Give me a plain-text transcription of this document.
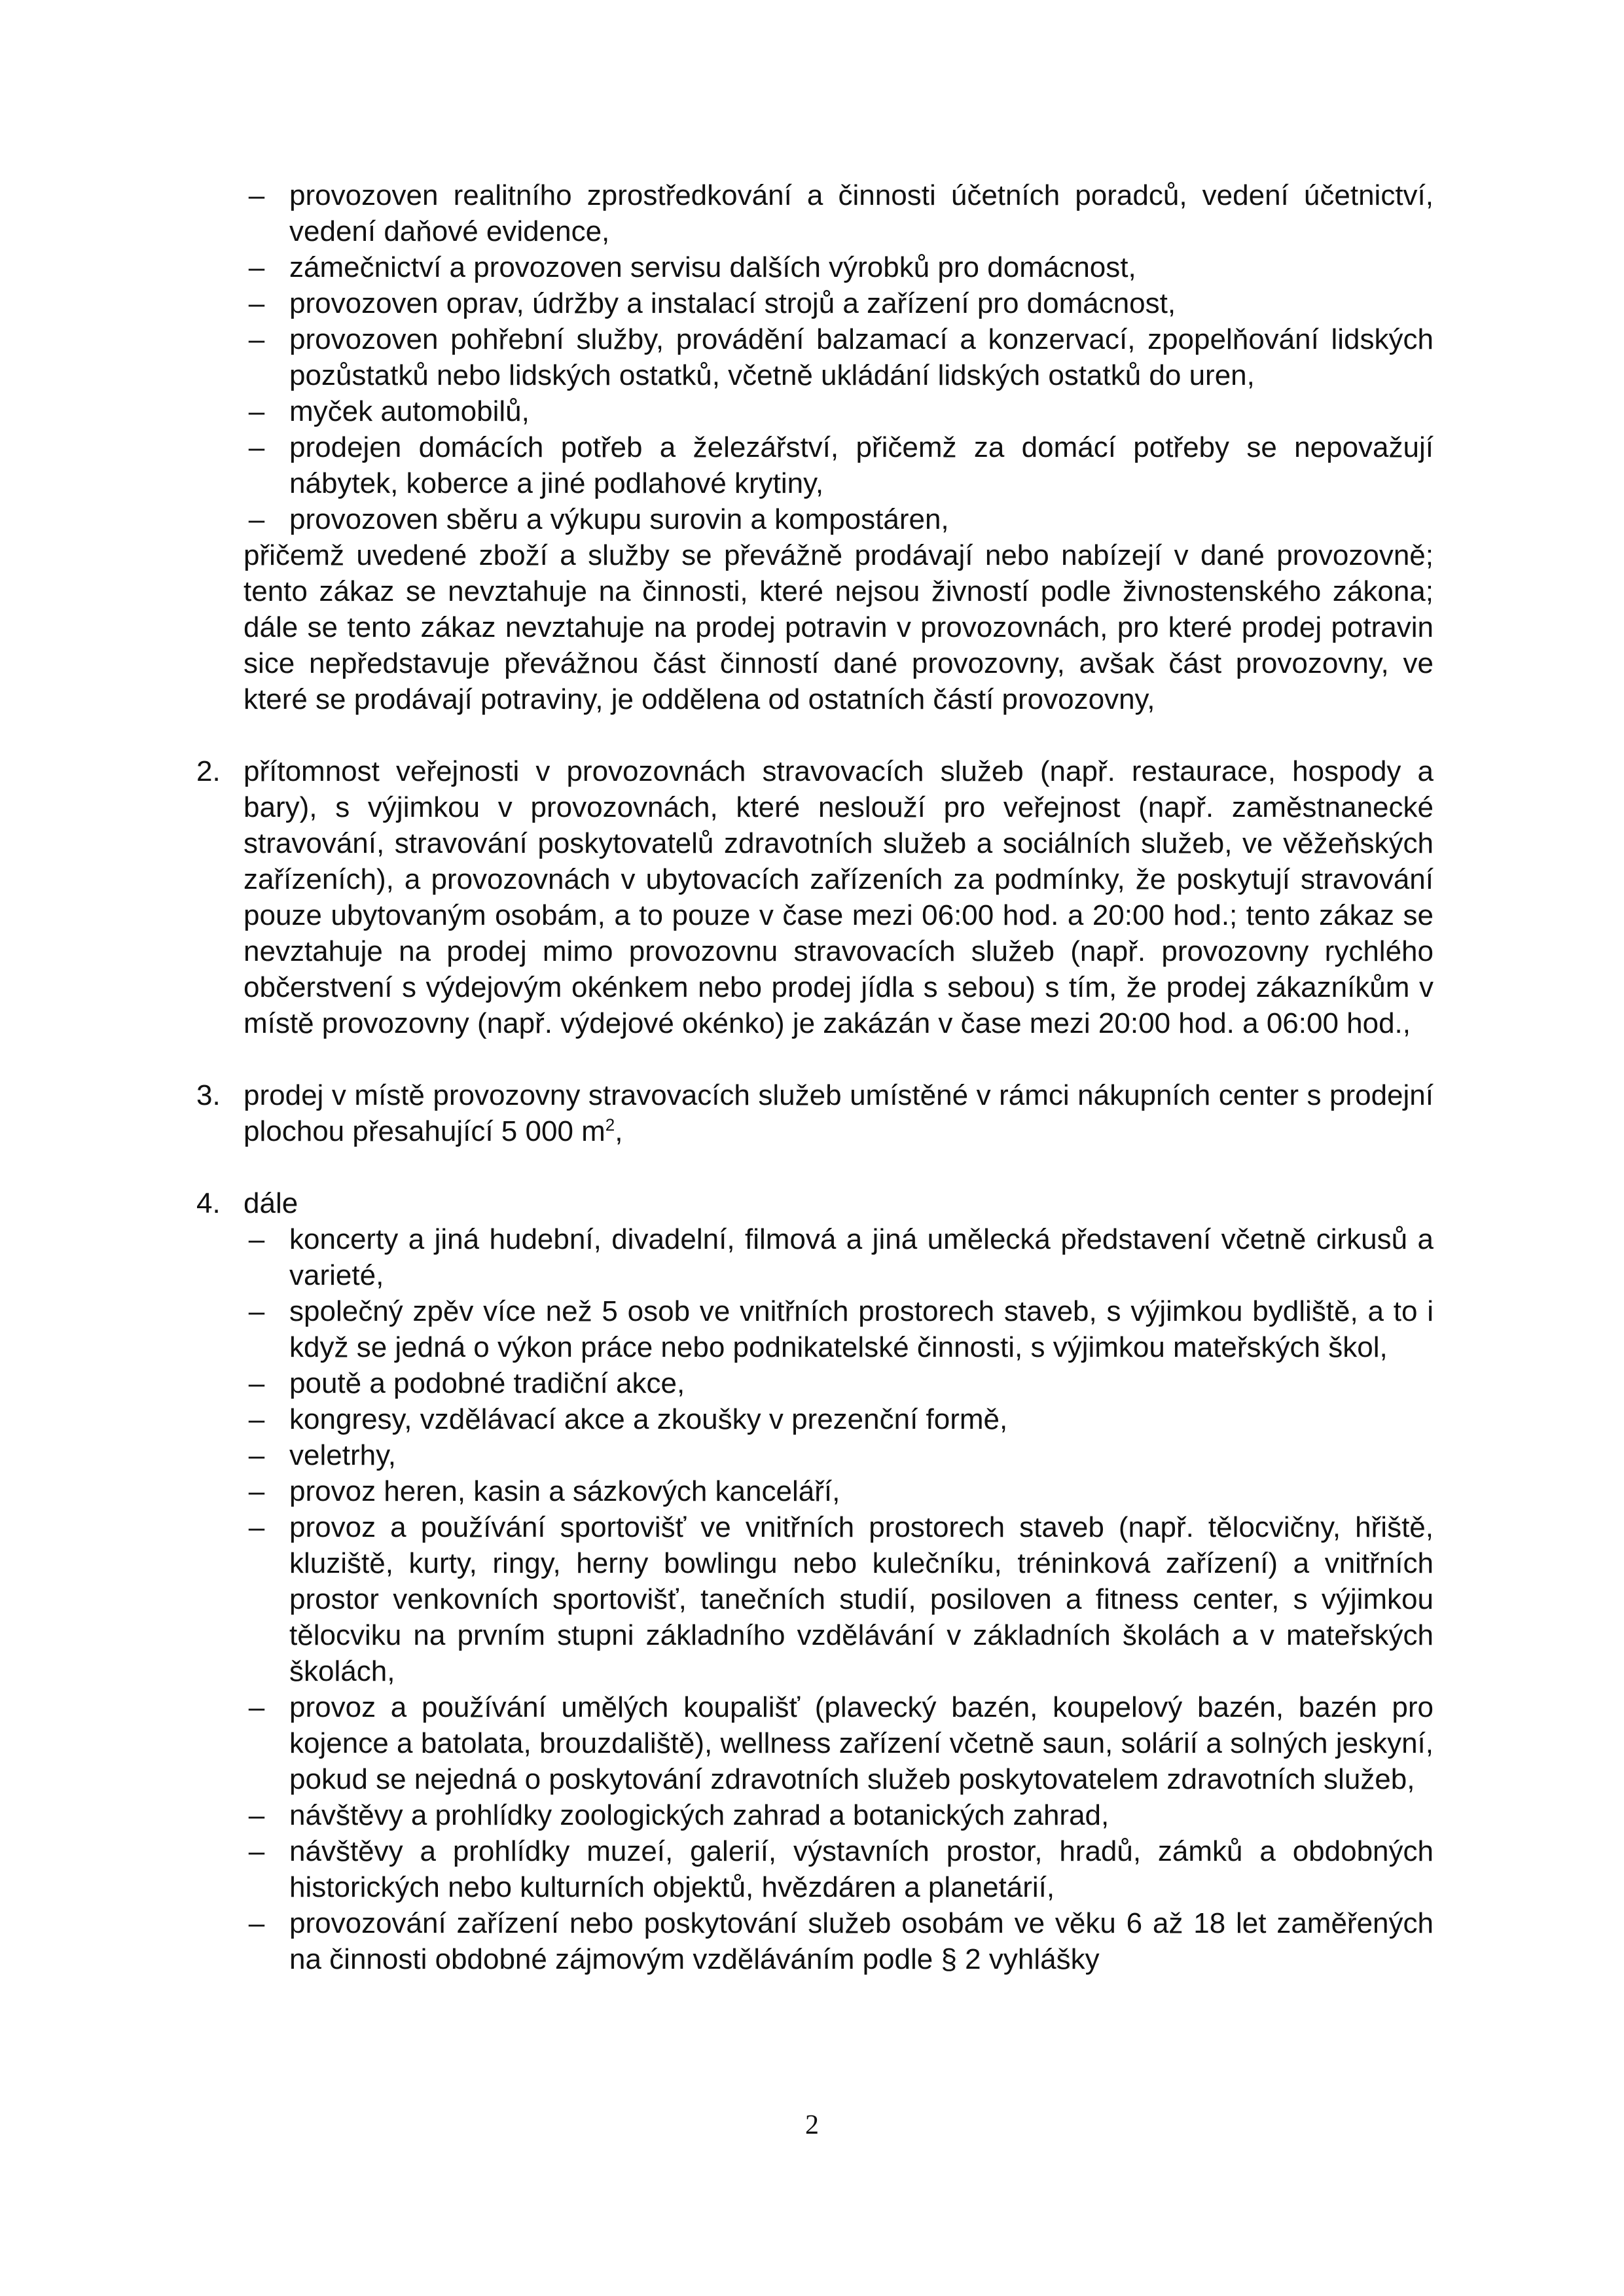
– provozoven realitního zprostředkování a činnosti účetních poradců, vedení účetnictví, vedení daňové evidence,
– zámečnictví a provozoven servisu dalších výrobků pro domácnost,
– provozoven oprav, údržby a instalací strojů a zařízení pro domácnost,
– provozoven pohřební služby, provádění balzamací a konzervací, zpopelňování lidských pozůstatků nebo lidských ostatků, včetně ukládání lidských ostatků do uren,
– myček automobilů,
– prodejen domácích potřeb a železářství, přičemž za domácí potřeby se nepovažují nábytek, koberce a jiné podlahové krytiny,
– provozoven sběru a výkupu surovin a kompostáren,

přičemž uvedené zboží a služby se převážně prodávají nebo nabízejí v dané provozovně; tento zákaz se nevztahuje na činnosti, které nejsou živností podle živnostenského zákona; dále se tento zákaz nevztahuje na prodej potravin v provozovnách, pro které prodej potravin sice nepředstavuje převážnou část činností dané provozovny, avšak část provozovny, ve které se prodávají potraviny, je oddělena od ostatních částí provozovny,

2. přítomnost veřejnosti v provozovnách stravovacích služeb (např. restaurace, hospody a bary), s výjimkou v provozovnách, které neslouží pro veřejnost (např. zaměstnanecké stravování, stravování poskytovatelů zdravotních služeb a sociálních služeb, ve věžeňských zařízeních), a provozovnách v ubytovacích zařízeních za podmínky, že poskytují stravování pouze ubytovaným osobám, a to pouze v čase mezi 06:00 hod. a 20:00 hod.; tento zákaz se nevztahuje na prodej mimo provozovnu stravovacích služeb (např. provozovny rychlého občerstvení s výdejovým okénkem nebo prodej jídla s sebou) s tím, že prodej zákazníkům v místě provozovny (např. výdejové okénko) je zakázán v čase mezi 20:00 hod. a 06:00 hod.,

3. prodej v místě provozovny stravovacích služeb umístěné v rámci nákupních center s prodejní plochou přesahující 5 000 $m^2$,

4. dále

– koncerty a jiná hudební, divadelní, filmová a jiná umělecká představení včetně cirkusů a varieté,
– společný zpěv více než 5 osob ve vnitřních prostorech staveb, s výjimkou bydliště, a to i když se jedná o výkon práce nebo podnikatelské činnosti, s výjimkou mateřských škol,
– poutě a podobné tradiční akce,
– kongresy, vzdělávací akce a zkoušky v prezenční formě,
– veletrhy,
– provoz heren, kasin a sázkových kanceláří,
– provoz a používání sportovišť ve vnitřních prostorech staveb (např. tělocvičny, hřiště, kluziště, kurty, ringy, herny bowlingu nebo kulečníku, tréninková zařízení) a vnitřních prostor venkovních sportovišť, tanečních studií, posiloven a fitness center, s výjimkou tělocviku na prvním stupni základního vzdělávání v základních školách a v mateřských školách,
– provoz a používání umělých koupališť (plavecký bazén, koupelový bazén, bazén pro kojence a batolata, brouzdaliště), wellness zařízení včetně saun, solárií a solných jeskyní, pokud se nejedná o poskytování zdravotních služeb poskytovatelem zdravotních služeb,
– návštěvy a prohlídky zoologických zahrad a botanických zahrad,
– návštěvy a prohlídky muzeí, galerií, výstavních prostor, hradů, zámků a obdobných historických nebo kulturních objektů, hvězdáren a planetárií,
– provozování zařízení nebo poskytování služeb osobám ve věku 6 až 18 let zaměřených na činnosti obdobné zájmovým vzděláváním podle § 2 vyhlášky
2
